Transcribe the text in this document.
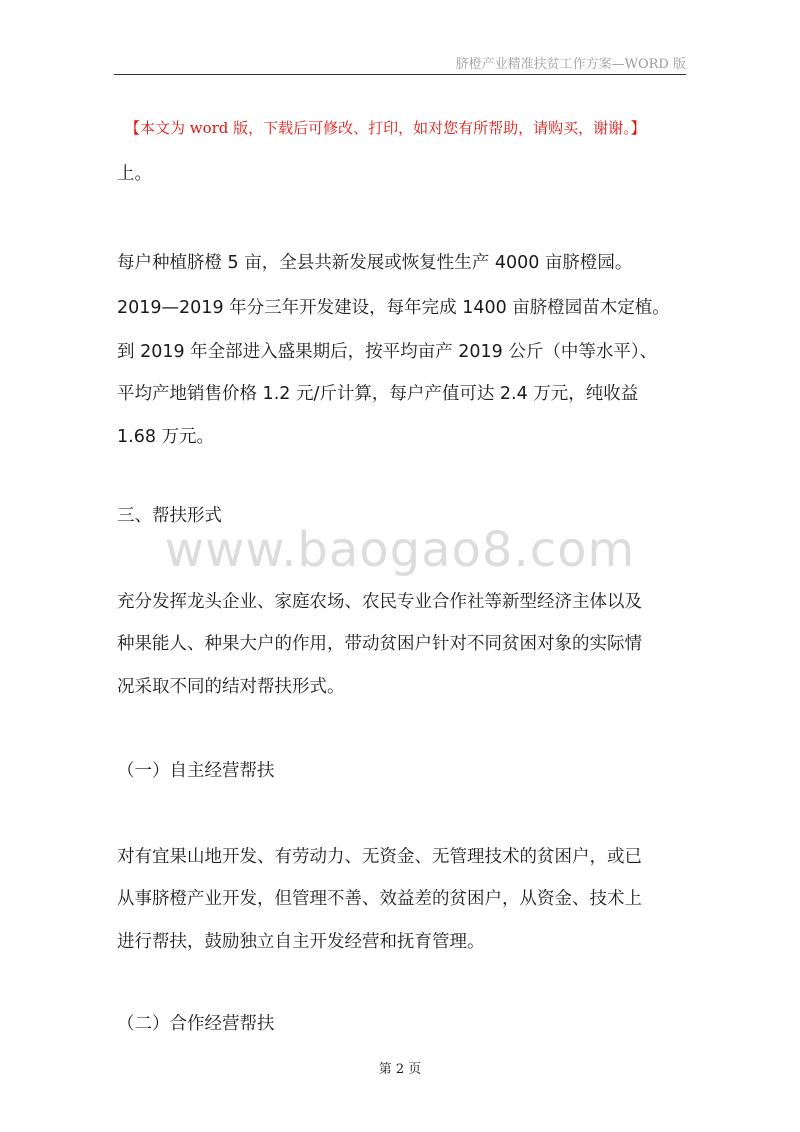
脐橙产业精准扶贫工作方案—WORD 版
【本文为 word 版，下载后可修改、打印，如对您有所帮助，请购买，谢谢。】
上。
每户种植脐橙 5 亩，全县共新发展或恢复性生产 4000 亩脐橙园。
2019—2019 年分三年开发建设，每年完成 1400 亩脐橙园苗木定植。
到 2019 年全部进入盛果期后，按平均亩产 2019 公斤（中等水平）、
平均产地销售价格 1.2 元/斤计算，每户产值可达 2.4 万元，纯收益
1.68 万元。
三、帮扶形式
www.baogao8.com
充分发挥龙头企业、家庭农场、农民专业合作社等新型经济主体以及
种果能人、种果大户的作用，带动贫困户针对不同贫困对象的实际情
况采取不同的结对帮扶形式。
（一）自主经营帮扶
对有宜果山地开发、有劳动力、无资金、无管理技术的贫困户，或已
从事脐橙产业开发，但管理不善、效益差的贫困户，从资金、技术上
进行帮扶，鼓励独立自主开发经营和抚育管理。
（二）合作经营帮扶
第 2 页
